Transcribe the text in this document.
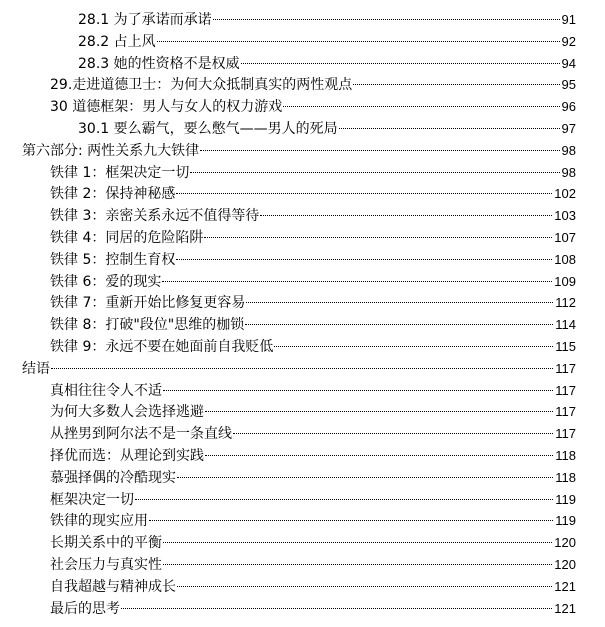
28.1 为了承诺而承诺	91
28.2 占上风	92
28.3 她的性资格不是权威	94
29.走进道德卫士：为何大众抵制真实的两性观点	95
30 道德框架：男人与女人的权力游戏	96
30.1 要么霸气，要么憋气——男人的死局	97
第六部分: 两性关系九大铁律	98
铁律 1：框架决定一切	98
铁律 2：保持神秘感	102
铁律 3：亲密关系永远不值得等待	103
铁律 4：同居的危险陷阱	107
铁律 5：控制生育权	108
铁律 6：爱的现实	109
铁律 7：重新开始比修复更容易	112
铁律 8：打破"段位"思维的枷锁	114
铁律 9：永远不要在她面前自我贬低	115
结语	117
真相往往令人不适	117
为何大多数人会选择逃避	117
从挫男到阿尔法不是一条直线	117
择优而选：从理论到实践	118
慕强择偶的冷酷现实	118
框架决定一切	119
铁律的现实应用	119
长期关系中的平衡	120
社会压力与真实性	120
自我超越与精神成长	121
最后的思考	121
